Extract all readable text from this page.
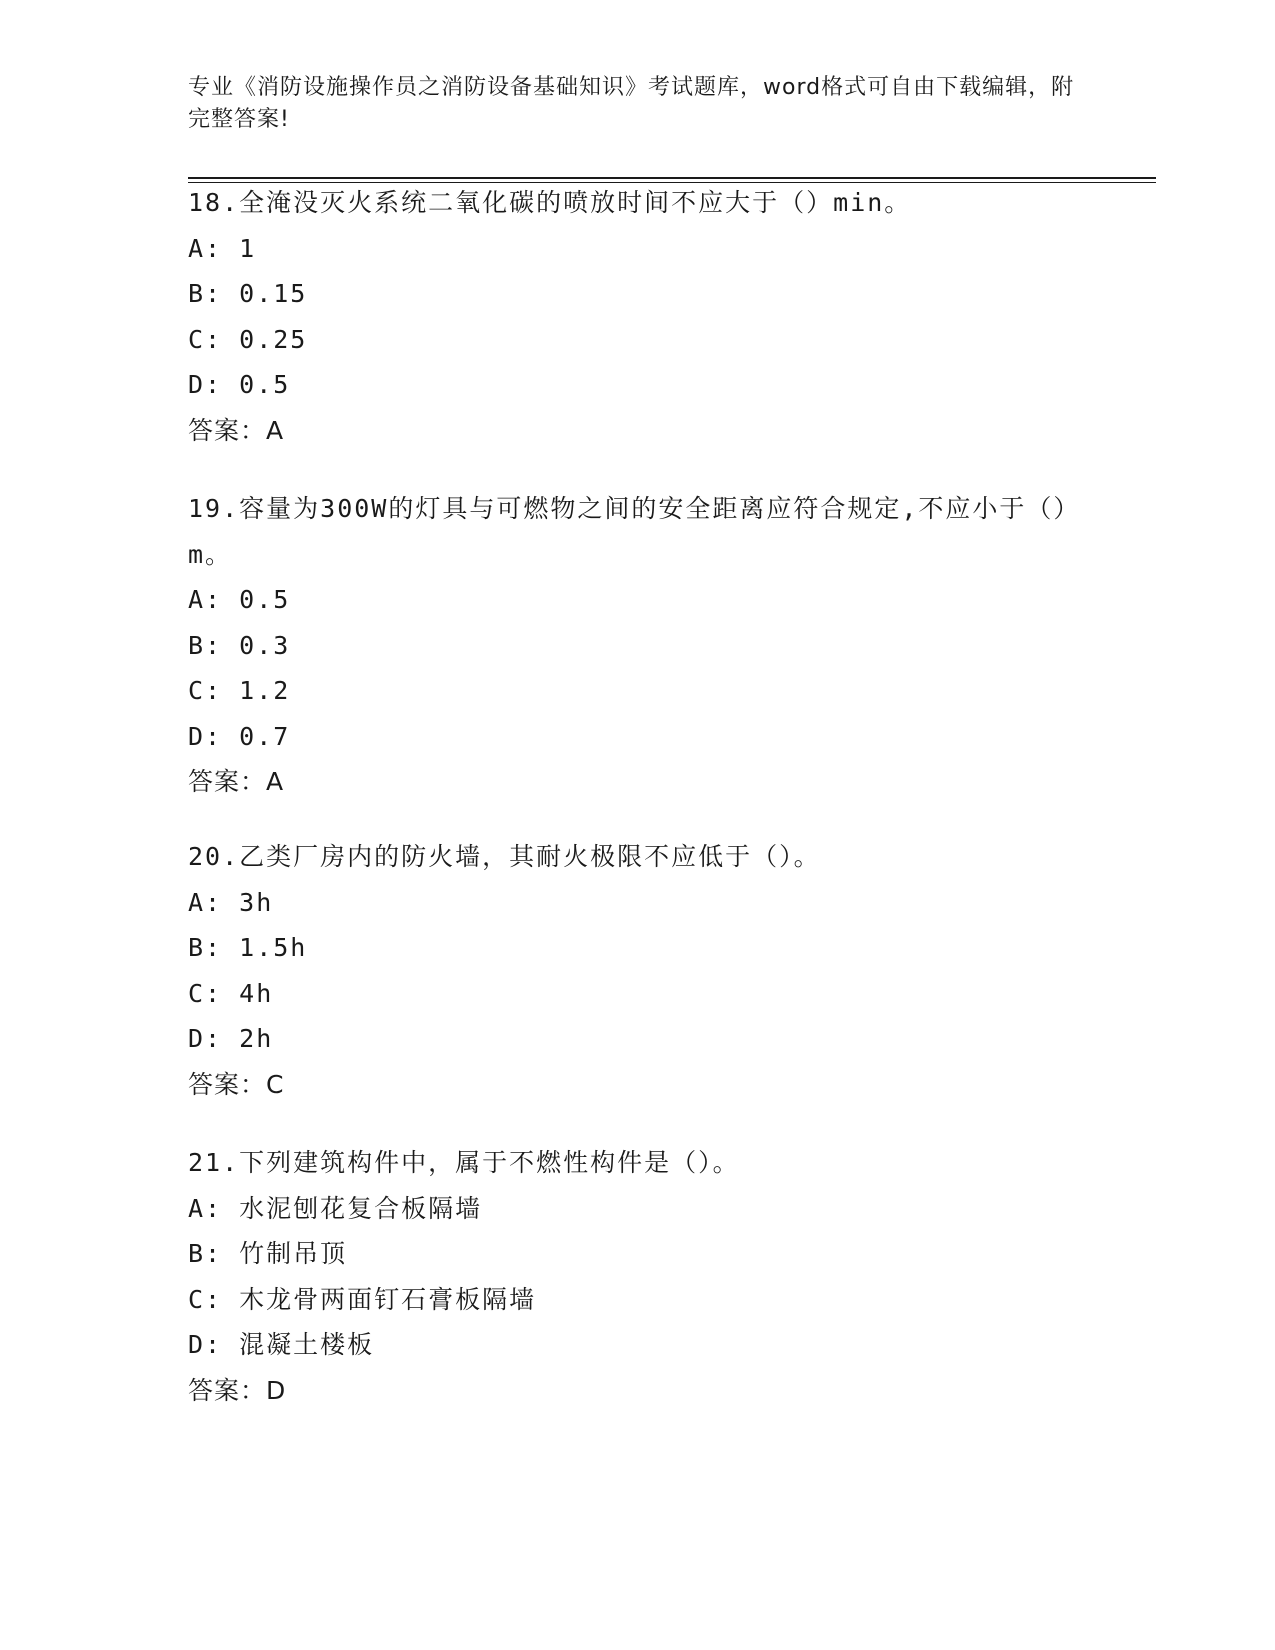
专业《消防设施操作员之消防设备基础知识》考试题库，word格式可自由下载编辑，附完整答案!
18.全淹没灭火系统二氧化碳的喷放时间不应大于（）min。
A: 1
B: 0.15
C: 0.25
D: 0.5
答案：A
19.容量为300W的灯具与可燃物之间的安全距离应符合规定,不应小于（）m。
A: 0.5
B: 0.3
C: 1.2
D: 0.7
答案：A
20.乙类厂房内的防火墙，其耐火极限不应低于（）。
A: 3h
B: 1.5h
C: 4h
D: 2h
答案：C
21.下列建筑构件中，属于不燃性构件是（）。
A: 水泥刨花复合板隔墙
B: 竹制吊顶
C: 木龙骨两面钉石膏板隔墙
D: 混凝土楼板
答案：D
